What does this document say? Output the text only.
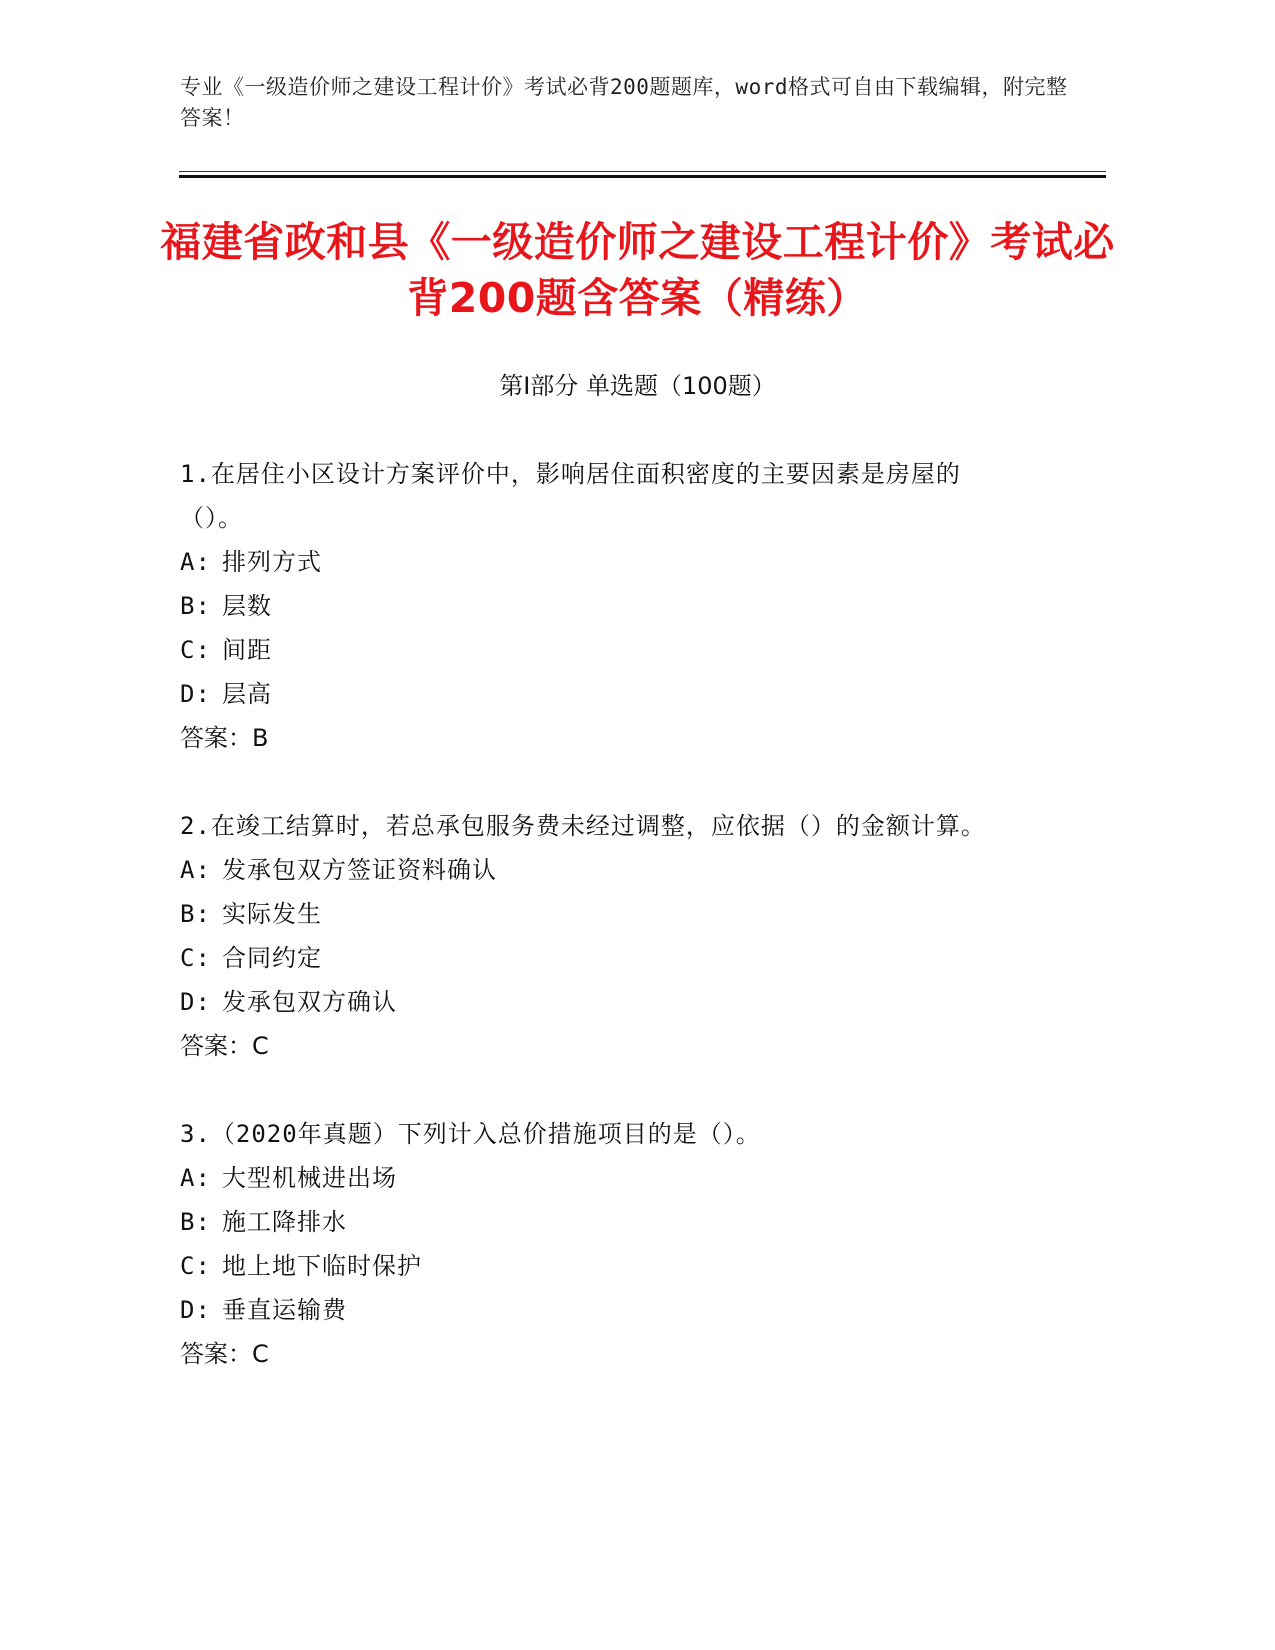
专业《一级造价师之建设工程计价》考试必背200题题库，word格式可自由下载编辑，附完整答案！
福建省政和县《一级造价师之建设工程计价》考试必背200题含答案（精练）
第Ⅰ部分 单选题（100题）
1.在居住小区设计方案评价中，影响居住面积密度的主要因素是房屋的（）。
A: 排列方式
B: 层数
C: 间距
D: 层高
答案：B
2.在竣工结算时，若总承包服务费未经过调整，应依据（）的金额计算。
A: 发承包双方签证资料确认
B: 实际发生
C: 合同约定
D: 发承包双方确认
答案：C
3.（2020年真题）下列计入总价措施项目的是（）。
A: 大型机械进出场
B: 施工降排水
C: 地上地下临时保护
D: 垂直运输费
答案：C
